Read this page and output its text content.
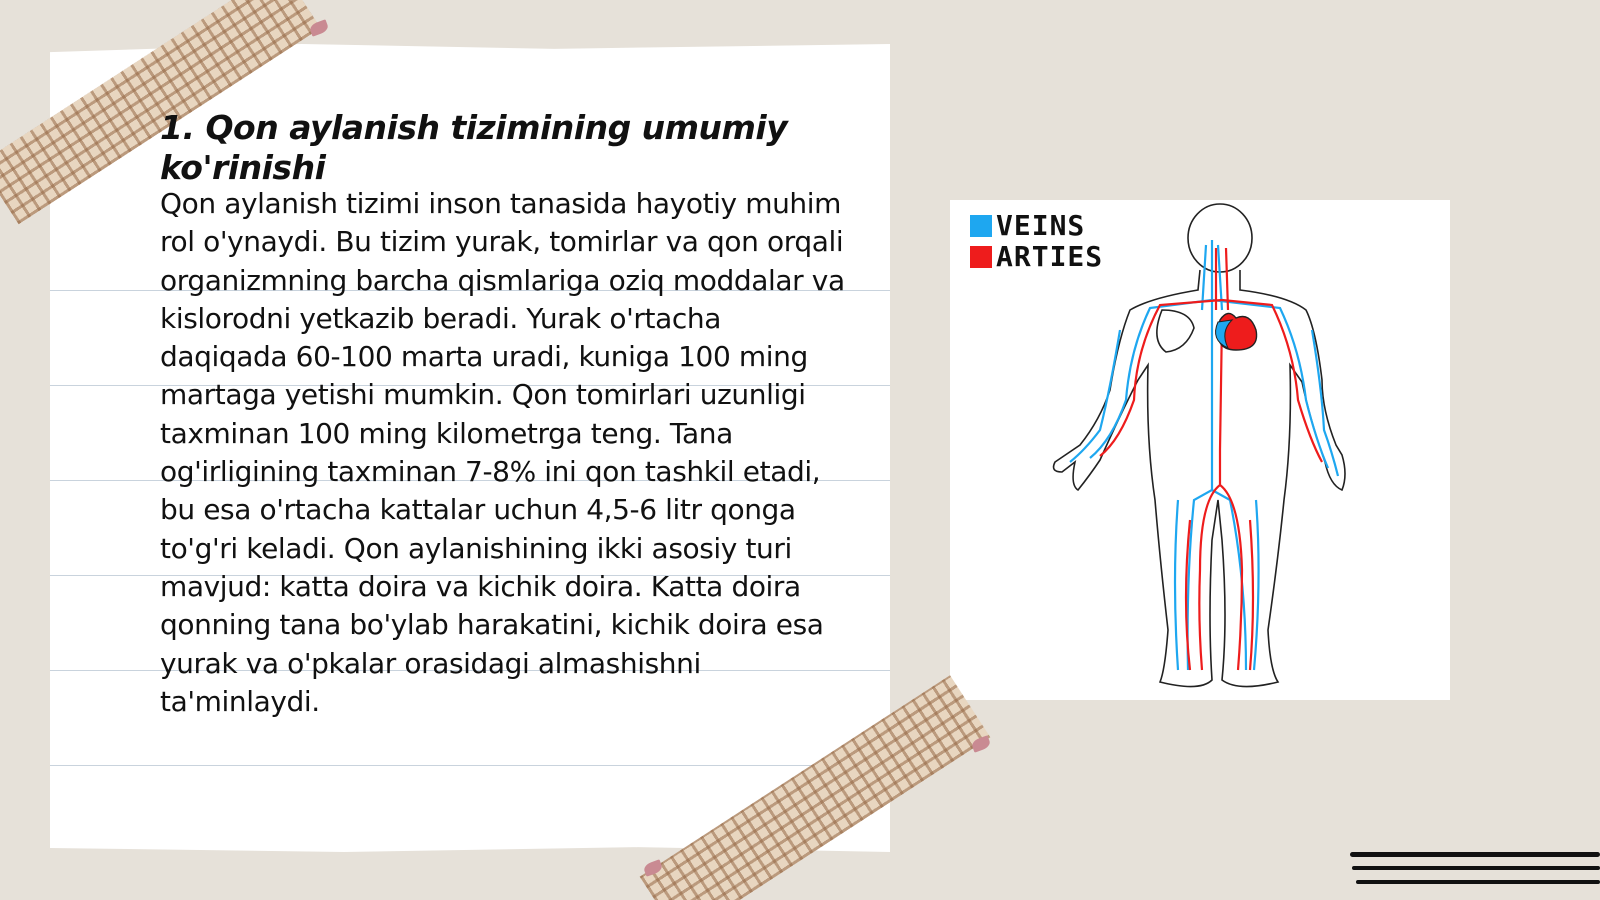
1. Qon aylanish tizimining umumiy ko'rinishi

Qon aylanish tizimi inson tanasida hayotiy muhim rol o'ynaydi. Bu tizim yurak, tomirlar va qon orqali organizmning barcha qismlariga oziq moddalar va kislorodni yetkazib beradi. Yurak o'rtacha daqiqada 60-100 marta uradi, kuniga 100 ming martaga yetishi mumkin. Qon tomirlari uzunligi taxminan 100 ming kilometrga teng. Tana og'irligining taxminan 7-8% ini qon tashkil etadi, bu esa o'rtacha kattalar uchun 4,5-6 litr qonga to'g'ri keladi. Qon aylanishining ikki asosiy turi mavjud: katta doira va kichik doira. Katta doira qonning tana bo'ylab harakatini, kichik doira esa yurak va o'pkalar orasidagi almashishni ta'minlaydi.

VEINS
ARTIES
